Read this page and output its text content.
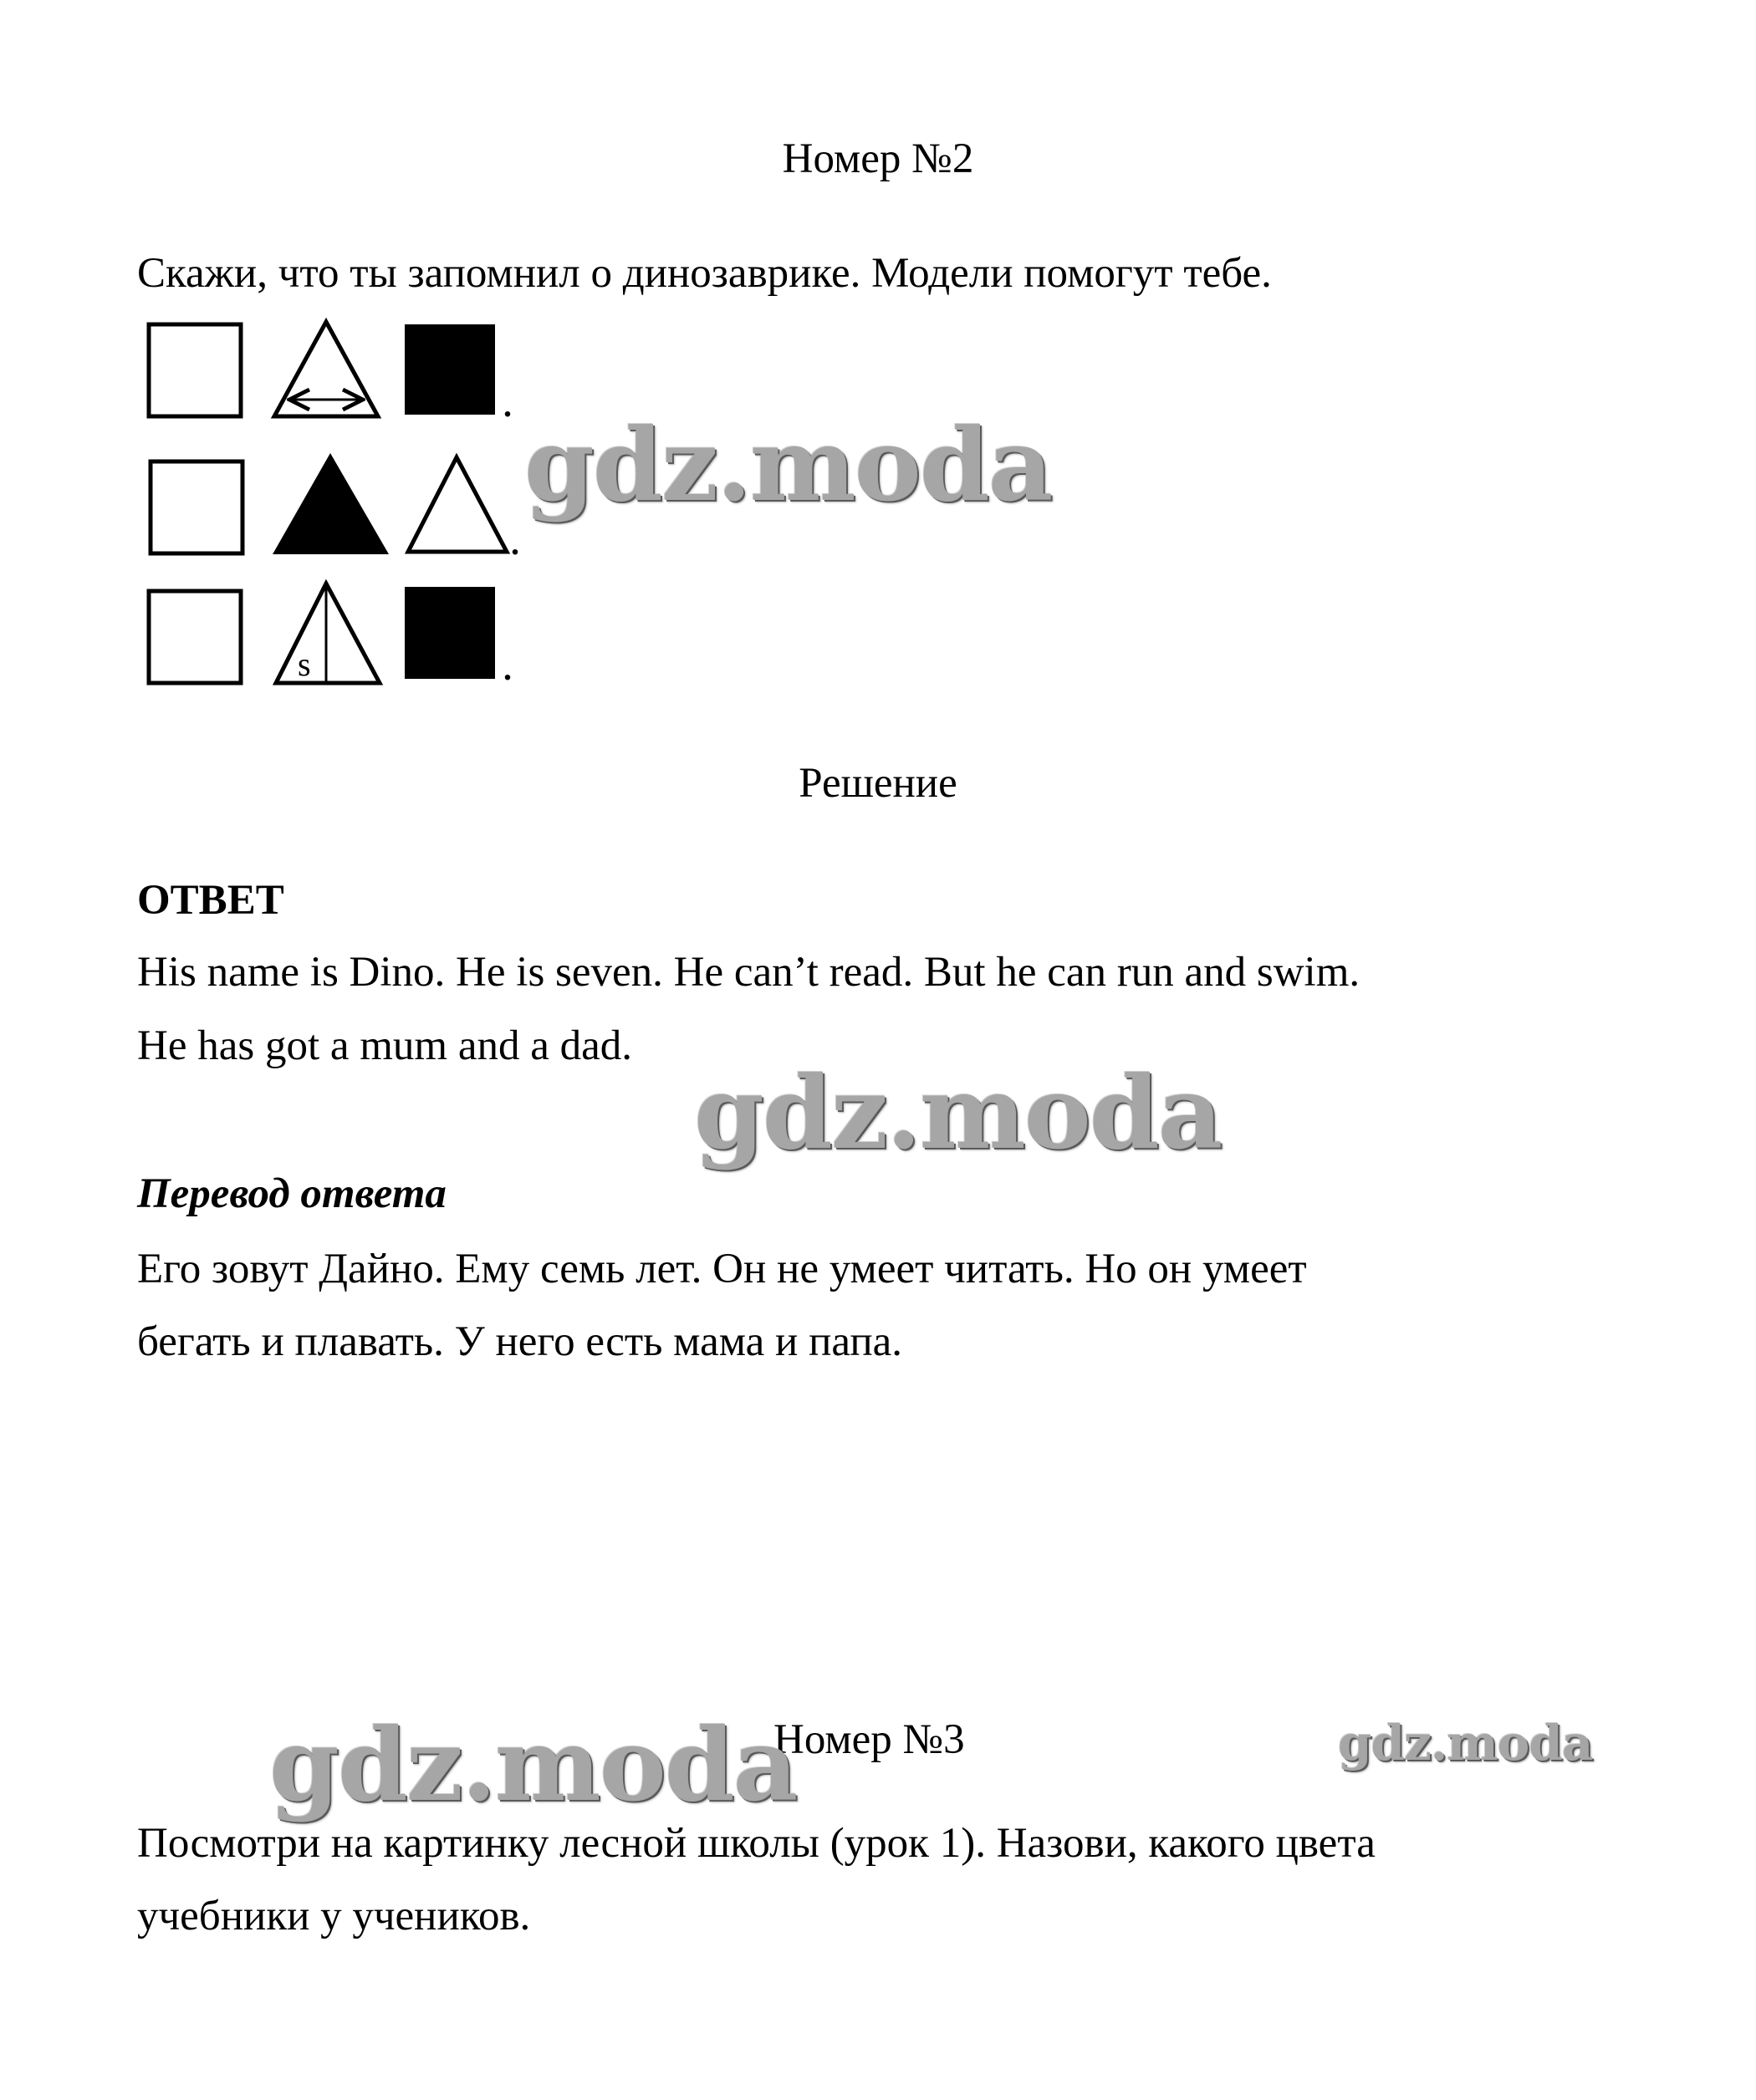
Номер №2
Скажи, что ты запомнил о динозаврике. Модели помогут тебе.
.
.
s	.
Решение
ОТВЕТ
His name is Dino. He is seven. He can’t read. But he can run and swim.
He has got a mum and a dad.
Перевод ответа
Его зовут Дайно. Ему семь лет. Он не умеет читать. Но он умеет
бегать и плавать. У него есть мама и папа.
Номер №3
Посмотри на картинку лесной школы (урок 1). Назови, какого цвета
учебники у учеников.
gdz.moda
gdz.moda
gdz.moda	gdz.moda
